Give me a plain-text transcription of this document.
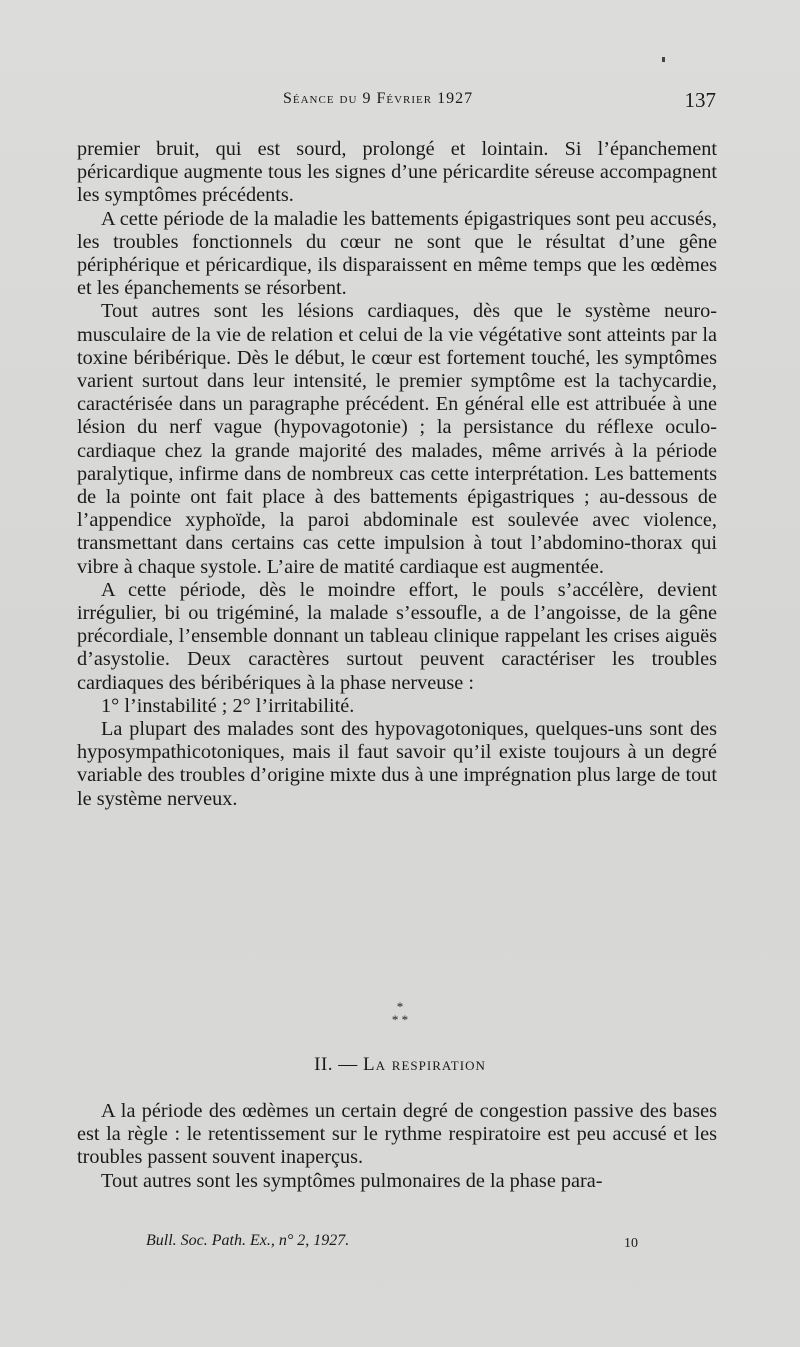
Séance du 9 Février 1927	137

premier bruit, qui est sourd, prolongé et lointain. Si l’épanchement péricardique augmente tous les signes d’une péricardite séreuse accompagnent les symptômes précédents.

A cette période de la maladie les battements épigastriques sont peu accusés, les troubles fonctionnels du cœur ne sont que le résultat d’une gêne périphérique et péricardique, ils disparaissent en même temps que les œdèmes et les épanchements se résorbent.

Tout autres sont les lésions cardiaques, dès que le système neuro-musculaire de la vie de relation et celui de la vie végétative sont atteints par la toxine béribérique. Dès le début, le cœur est fortement touché, les symptômes varient surtout dans leur intensité, le premier symptôme est la tachycardie, caractérisée dans un paragraphe précédent. En général elle est attribuée à une lésion du nerf vague (hypovagotonie) ; la persistance du réflexe oculo-cardiaque chez la grande majorité des malades, même arrivés à la période paralytique, infirme dans de nombreux cas cette interprétation. Les battements de la pointe ont fait place à des battements épigastriques ; au-dessous de l’appendice xyphoïde, la paroi abdominale est soulevée avec violence, transmettant dans certains cas cette impulsion à tout l’abdomino-thorax qui vibre à chaque systole. L’aire de matité cardiaque est augmentée.

A cette période, dès le moindre effort, le pouls s’accélère, devient irrégulier, bi ou trigéminé, la malade s’essoufle, a de l’angoisse, de la gêne précordiale, l’ensemble donnant un tableau clinique rappelant les crises aiguës d’asystolie. Deux caractères surtout peuvent caractériser les troubles cardiaques des béribériques à la phase nerveuse :

1° l’instabilité ; 2° l’irritabilité.

La plupart des malades sont des hypovagotoniques, quelques-uns sont des hyposympathicotoniques, mais il faut savoir qu’il existe toujours à un degré variable des troubles d’origine mixte dus à une imprégnation plus large de tout le système nerveux.

*
* *
II. — La respiration

A la période des œdèmes un certain degré de congestion passive des bases est la règle : le retentissement sur le rythme respiratoire est peu accusé et les troubles passent souvent inaperçus.

Tout autres sont les symptômes pulmonaires de la phase para-

Bull. Soc. Path. Ex., n° 2, 1927.	10
